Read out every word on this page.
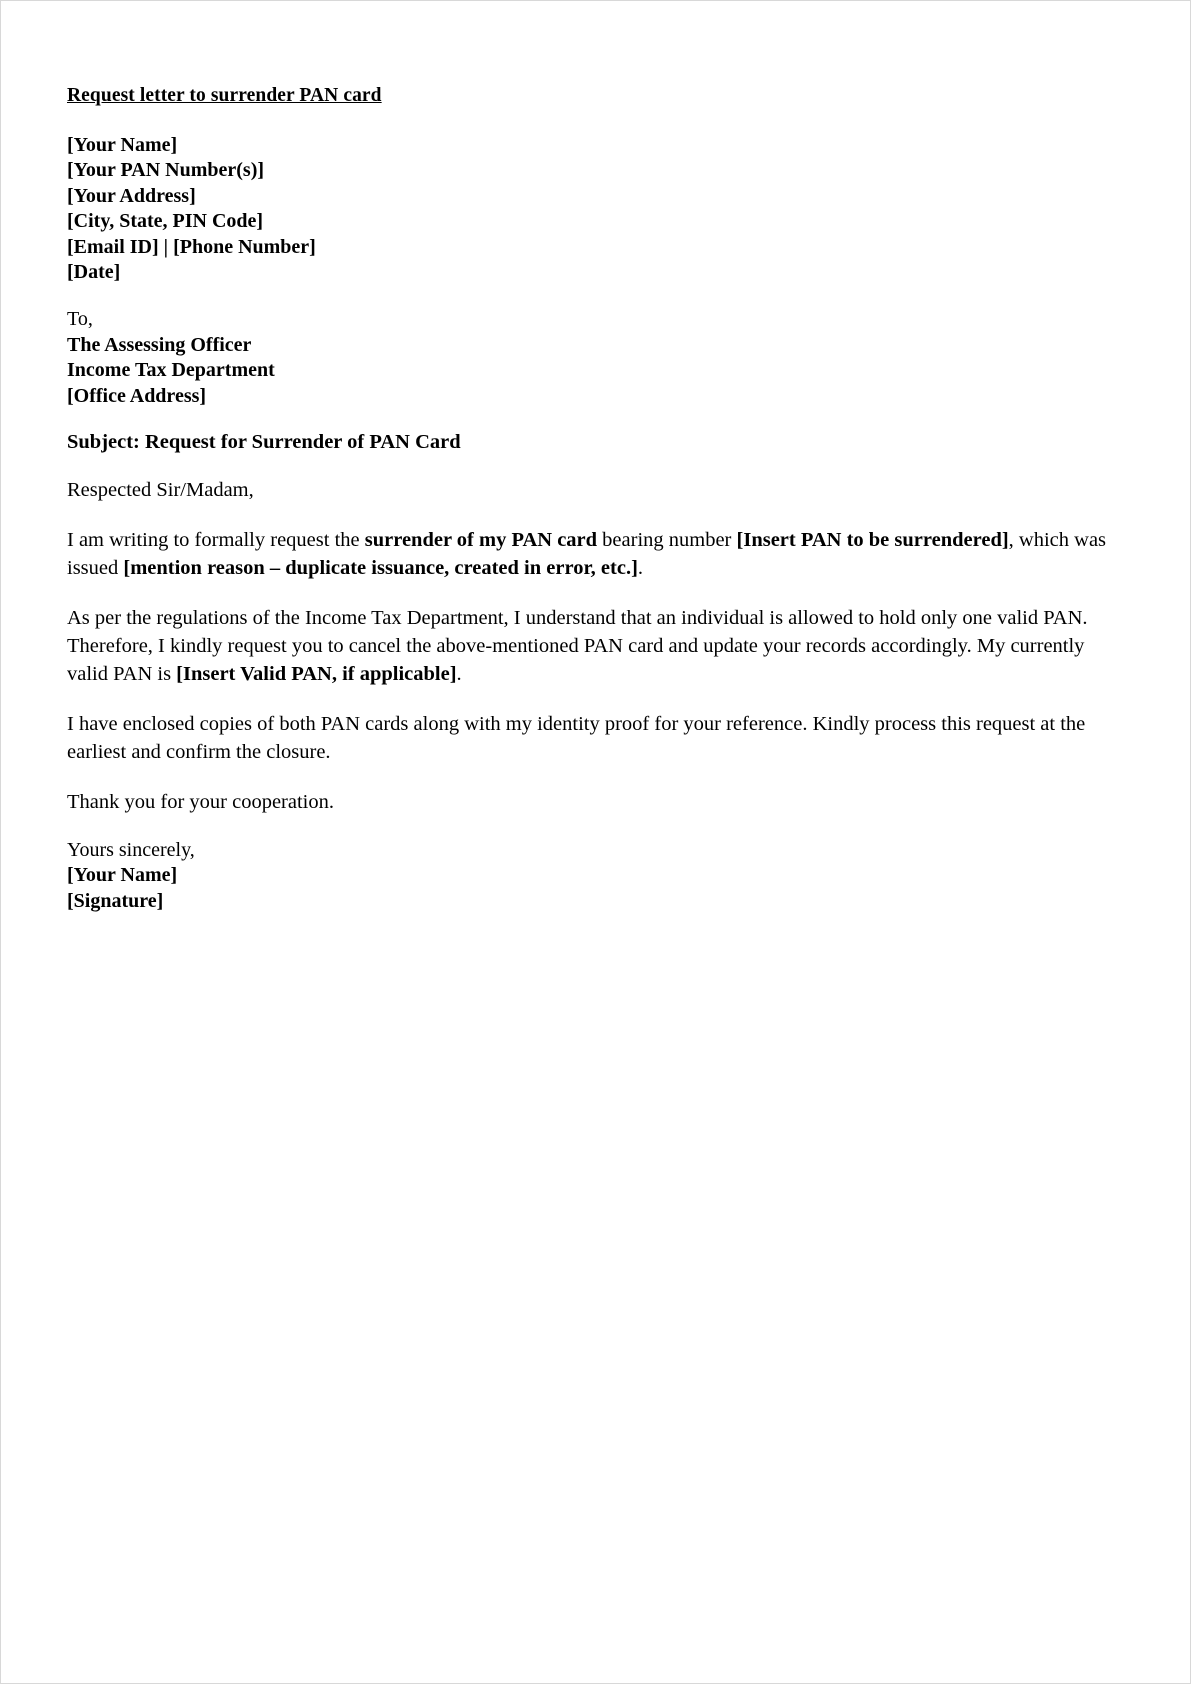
Request letter to surrender PAN card
[Your Name]
[Your PAN Number(s)]
[Your Address]
[City, State, PIN Code]
[Email ID] | [Phone Number]
[Date]
To,
The Assessing Officer
Income Tax Department
[Office Address]
Subject: Request for Surrender of PAN Card
Respected Sir/Madam,
I am writing to formally request the surrender of my PAN card bearing number [Insert PAN to be surrendered], which was issued [mention reason – duplicate issuance, created in error, etc.].
As per the regulations of the Income Tax Department, I understand that an individual is allowed to hold only one valid PAN. Therefore, I kindly request you to cancel the above-mentioned PAN card and update your records accordingly. My currently valid PAN is [Insert Valid PAN, if applicable].
I have enclosed copies of both PAN cards along with my identity proof for your reference. Kindly process this request at the earliest and confirm the closure.
Thank you for your cooperation.
Yours sincerely,
[Your Name]
[Signature]
